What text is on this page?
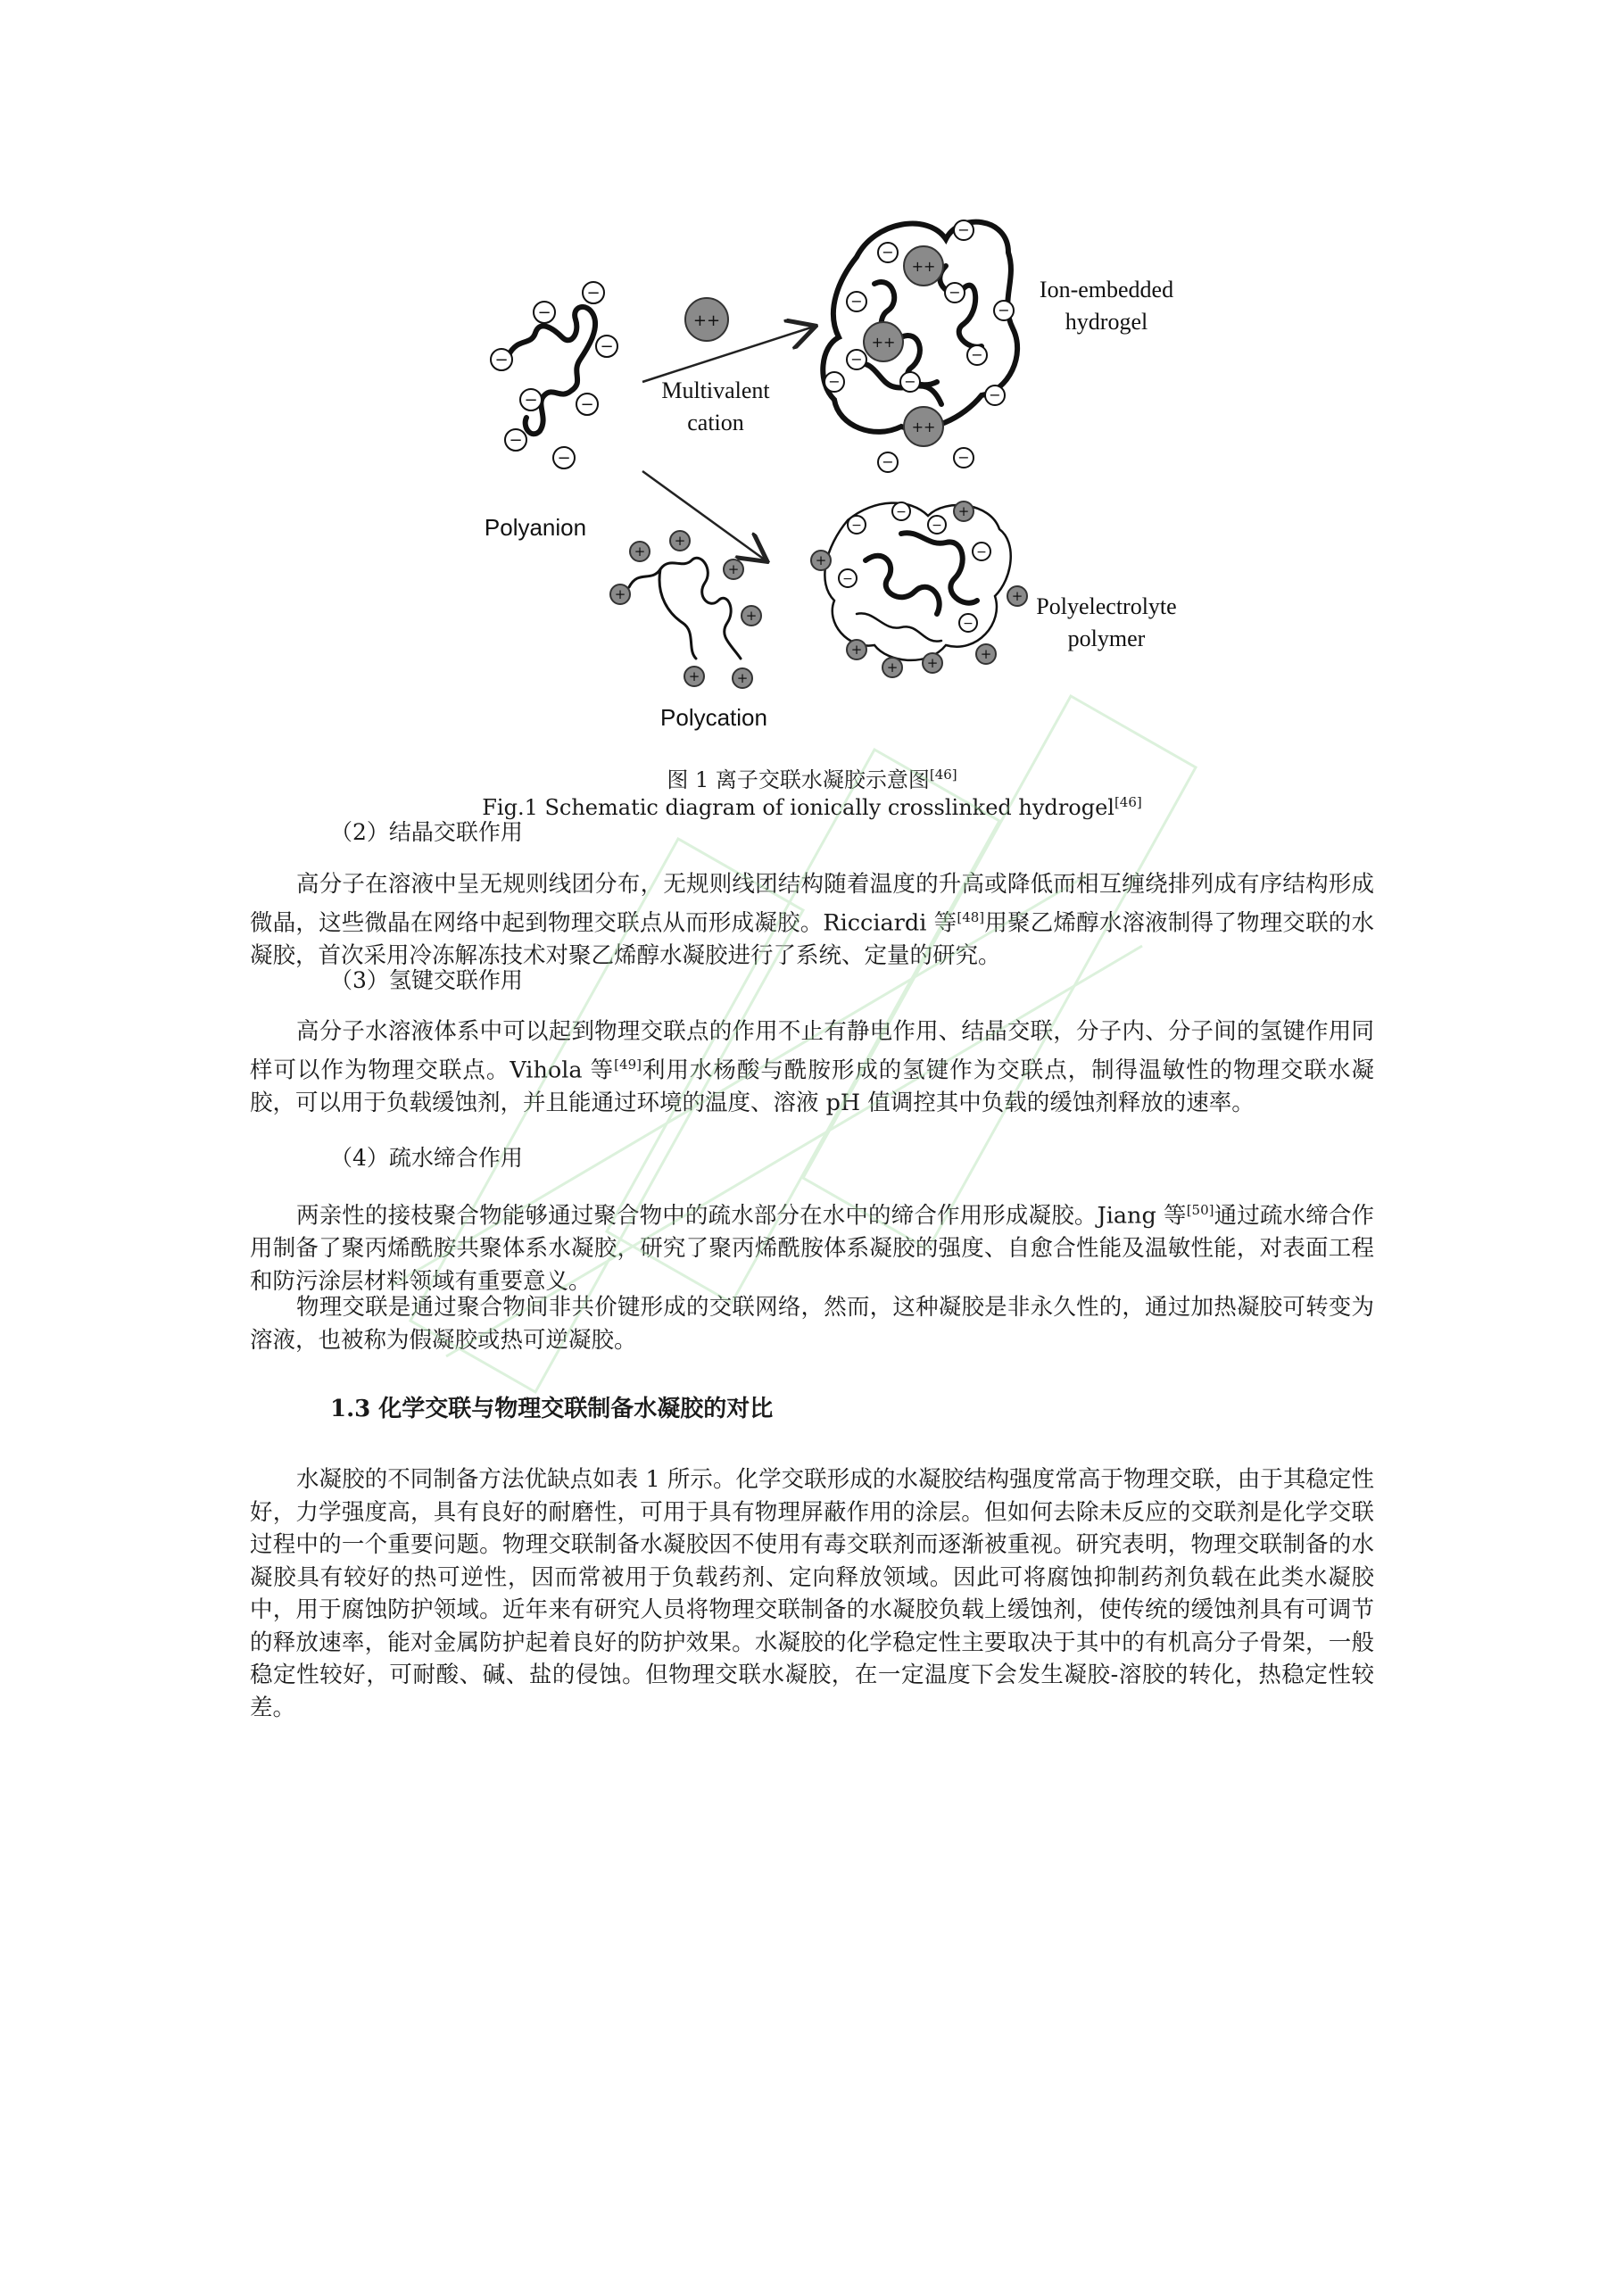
−
−
−
−
−
−
−
−
Polyanion
++
Multivalent
cation
++
++
++
−
−
−
−
−
−
−
−
−	−
−
−
Ion-embedded
hydrogel
+
+
+
+
+
+
+
Polycation
+
+
+
+
+
+
+
−
−
−
−
−
−
Polyelectrolyte
polymer
图 1 离子交联水凝胶示意图[46]
Fig.1 Schematic diagram of ionically crosslinked hydrogel[46]
（2）结晶交联作用
高分子在溶液中呈无规则线团分布，无规则线团结构随着温度的升高或降低而相互缠绕排列成有序结构形成微晶，这些微晶在网络中起到物理交联点从而形成凝胶。Ricciardi 等[48]用聚乙烯醇水溶液制得了物理交联的水凝胶，首次采用冷冻解冻技术对聚乙烯醇水凝胶进行了系统、定量的研究。
（3）氢键交联作用
高分子水溶液体系中可以起到物理交联点的作用不止有静电作用、结晶交联，分子内、分子间的氢键作用同样可以作为物理交联点。Vihola 等[49]利用水杨酸与酰胺形成的氢键作为交联点，制得温敏性的物理交联水凝胶，可以用于负载缓蚀剂，并且能通过环境的温度、溶液 pH 值调控其中负载的缓蚀剂释放的速率。
（4）疏水缔合作用
两亲性的接枝聚合物能够通过聚合物中的疏水部分在水中的缔合作用形成凝胶。Jiang 等[50]通过疏水缔合作用制备了聚丙烯酰胺共聚体系水凝胶，研究了聚丙烯酰胺体系凝胶的强度、自愈合性能及温敏性能，对表面工程和防污涂层材料领域有重要意义。
物理交联是通过聚合物间非共价键形成的交联网络，然而，这种凝胶是非永久性的，通过加热凝胶可转变为溶液，也被称为假凝胶或热可逆凝胶。
1.3 化学交联与物理交联制备水凝胶的对比
水凝胶的不同制备方法优缺点如表 1 所示。化学交联形成的水凝胶结构强度常高于物理交联，由于其稳定性好，力学强度高，具有良好的耐磨性，可用于具有物理屏蔽作用的涂层。但如何去除未反应的交联剂是化学交联过程中的一个重要问题。物理交联制备水凝胶因不使用有毒交联剂而逐渐被重视。研究表明，物理交联制备的水凝胶具有较好的热可逆性，因而常被用于负载药剂、定向释放领域。因此可将腐蚀抑制药剂负载在此类水凝胶中，用于腐蚀防护领域。近年来有研究人员将物理交联制备的水凝胶负载上缓蚀剂，使传统的缓蚀剂具有可调节的释放速率，能对金属防护起着良好的防护效果。水凝胶的化学稳定性主要取决于其中的有机高分子骨架，一般稳定性较好，可耐酸、碱、盐的侵蚀。但物理交联水凝胶，在一定温度下会发生凝胶-溶胶的转化，热稳定性较差。
